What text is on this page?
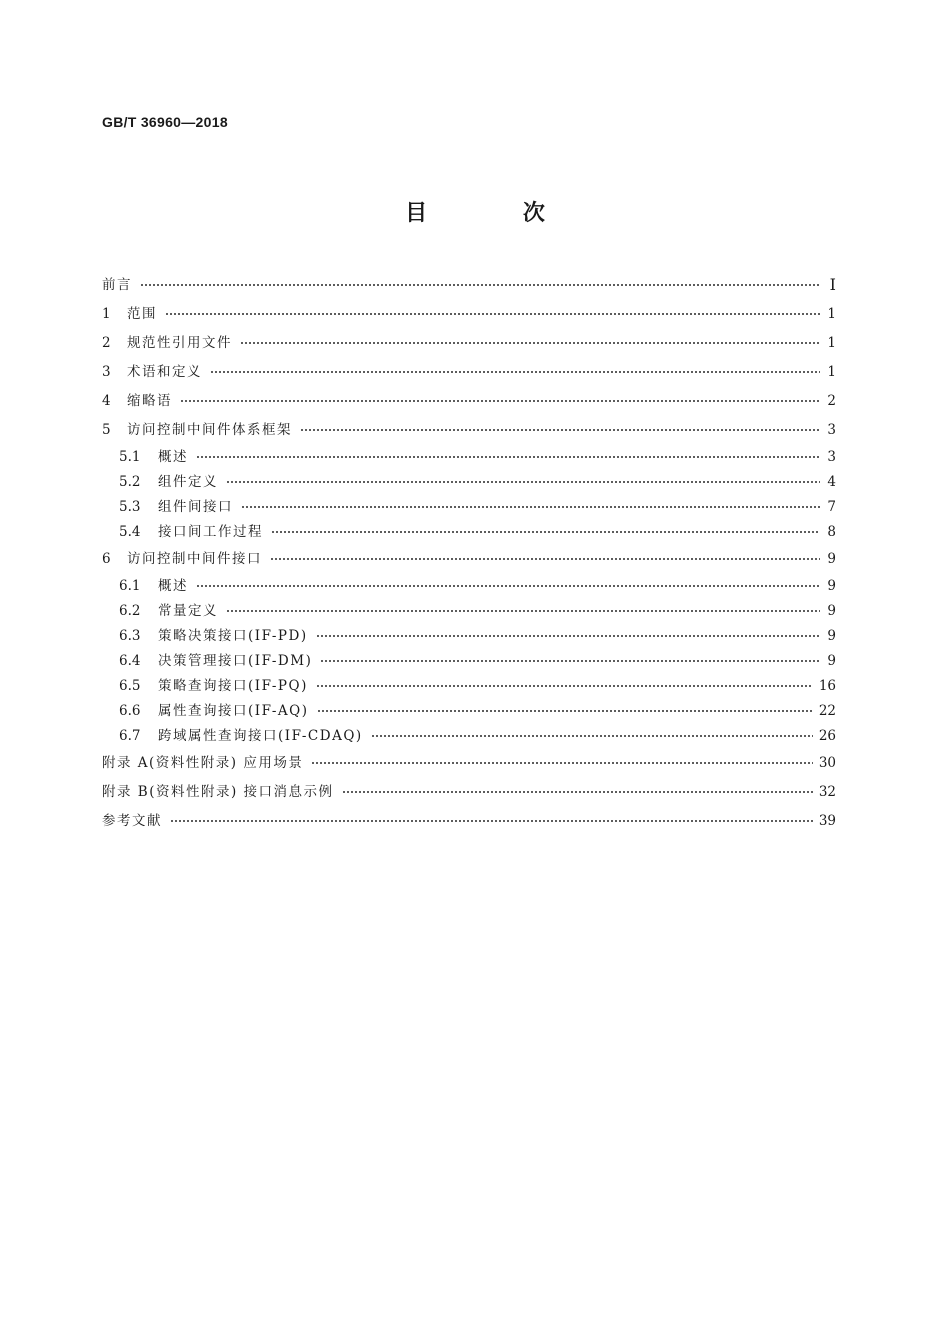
GB/T 36960—2018
目 次
前言	Ⅰ
1	范围	1
2	规范性引用文件	1
3	术语和定义	1
4	缩略语	2
5	访问控制中间件体系框架	3
5.1	概述	3
5.2	组件定义	4
5.3	组件间接口	7
5.4	接口间工作过程	8
6	访问控制中间件接口	9
6.1	概述	9
6.2	常量定义	9
6.3	策略决策接口(IF-PD)	9
6.4	决策管理接口(IF-DM)	9
6.5	策略查询接口(IF-PQ)	16
6.6	属性查询接口(IF-AQ)	22
6.7	跨域属性查询接口(IF-CDAQ)	26
附录 A(资料性附录) 应用场景	30
附录 B(资料性附录) 接口消息示例	32
参考文献	39
